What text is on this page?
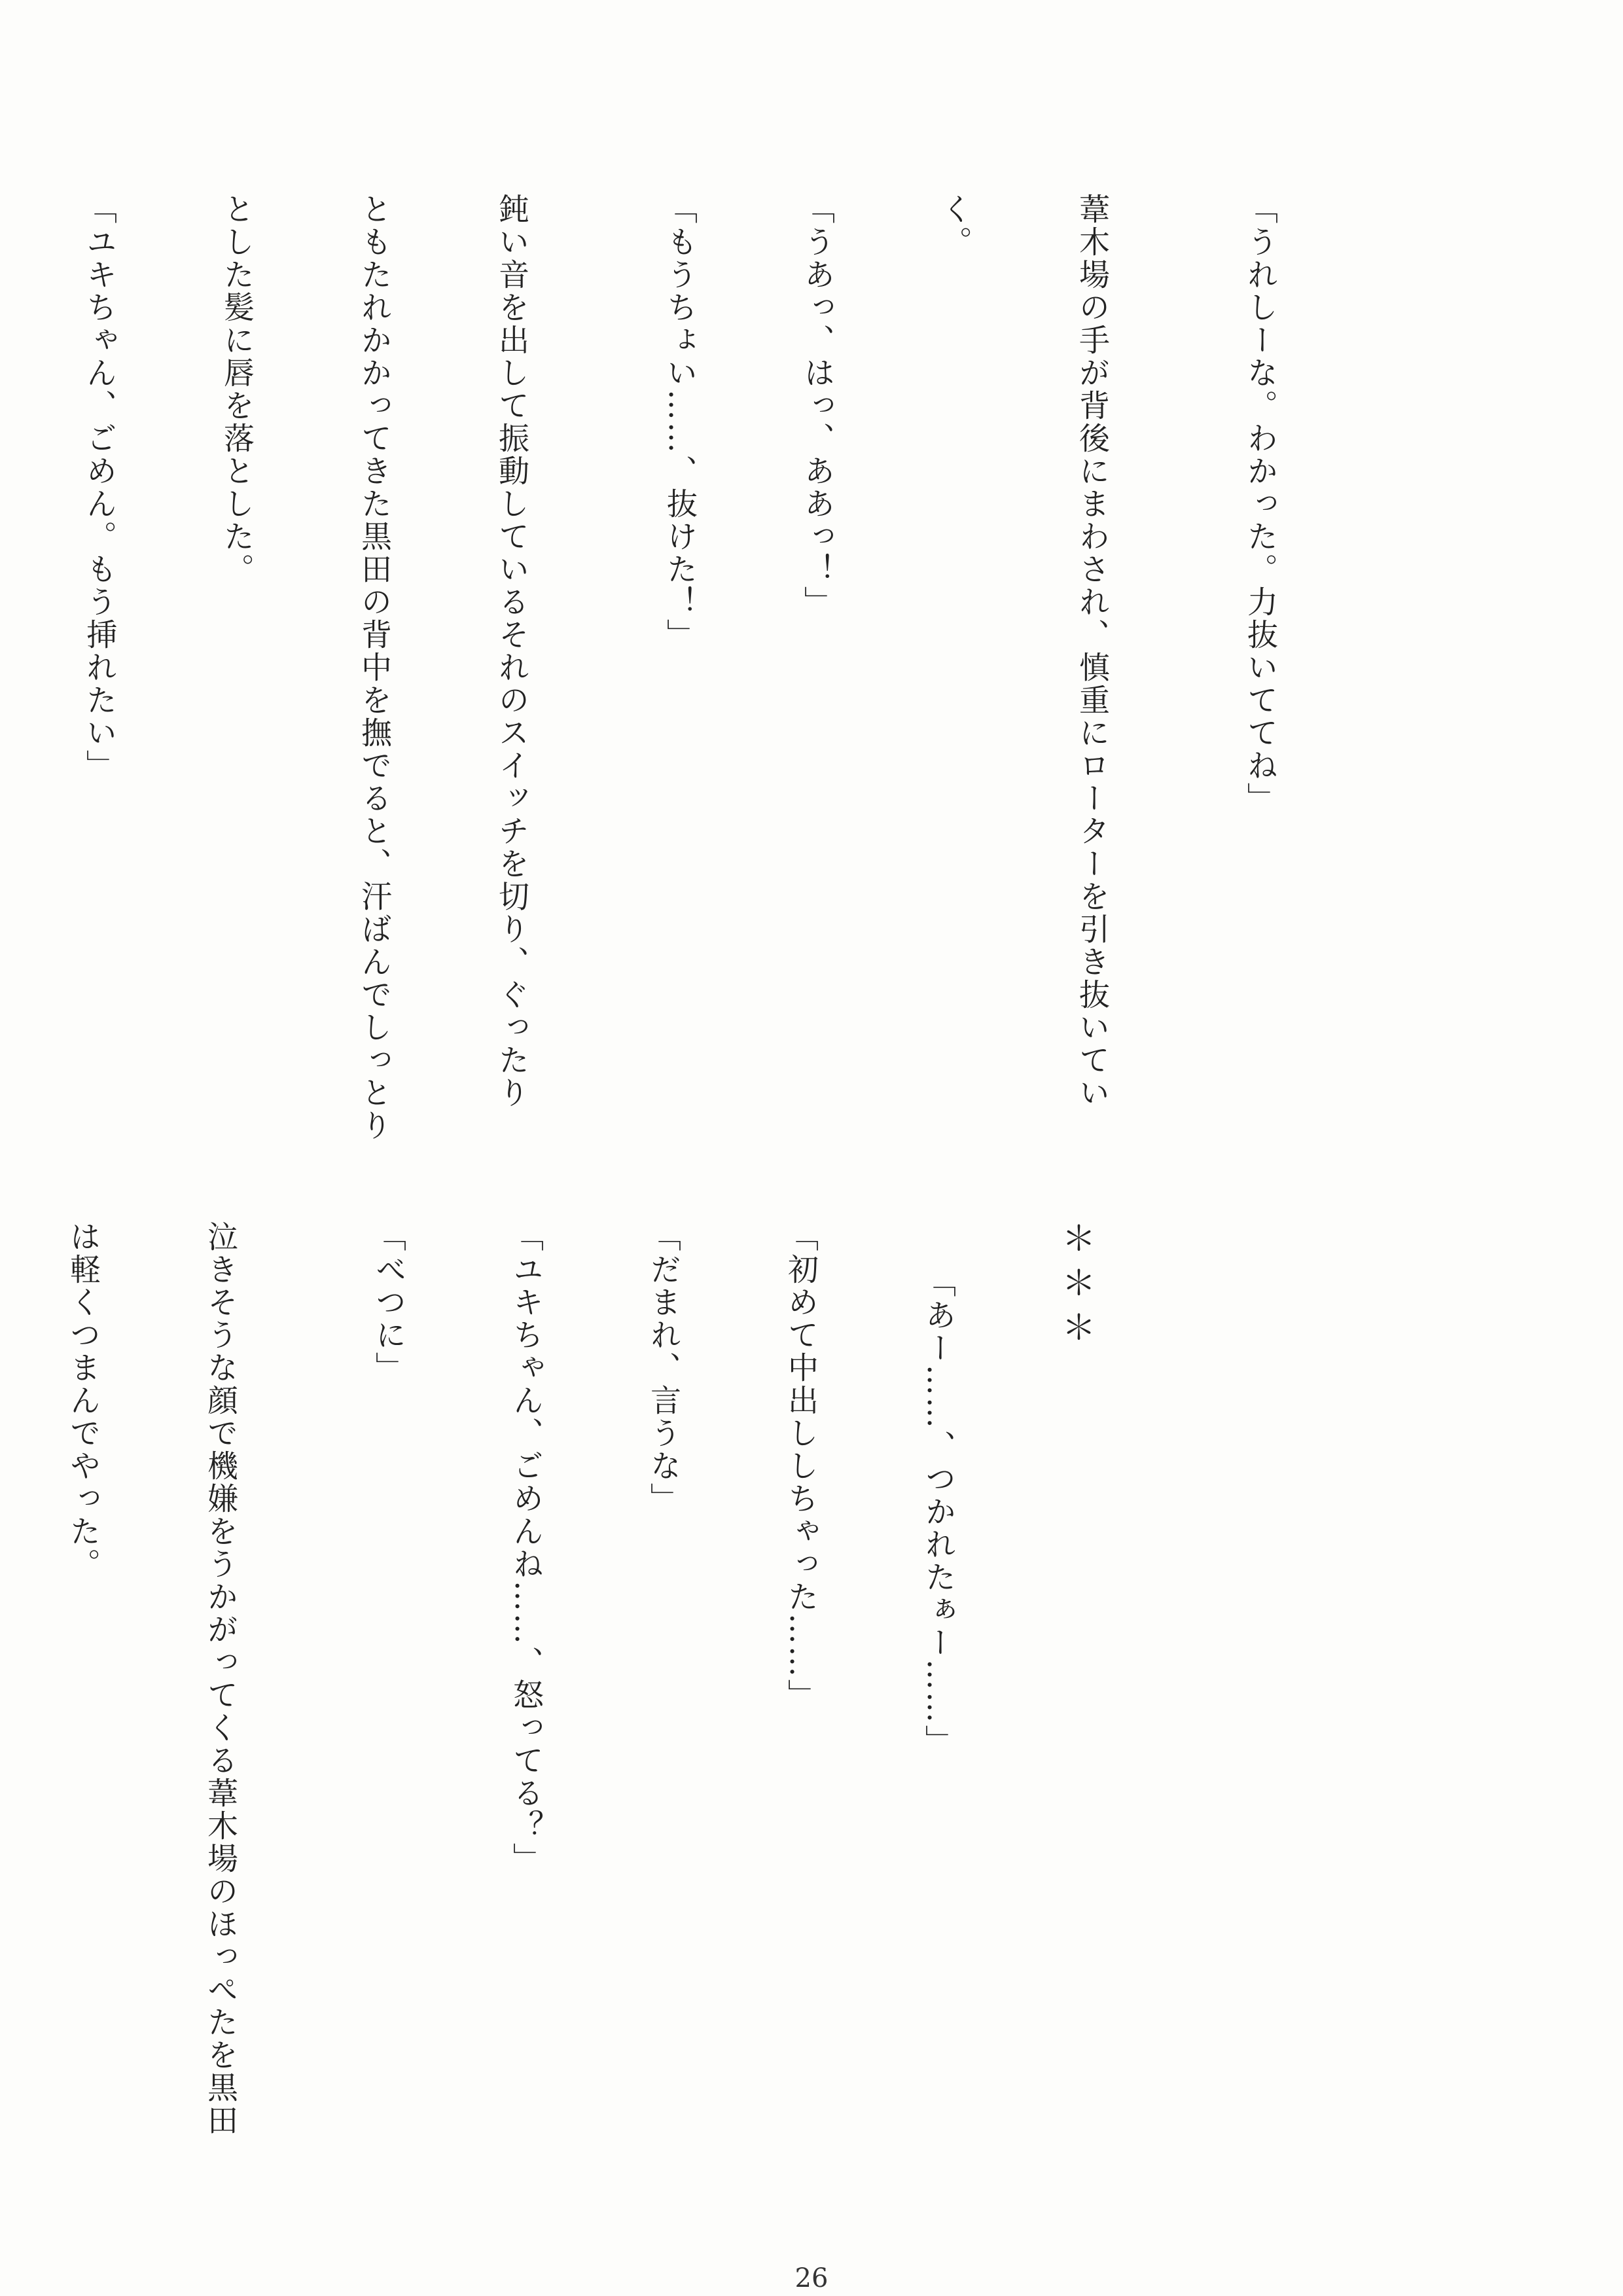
「うれしーな。わかった。力抜いててね」

葦木場の手が背後にまわされ、慎重にローターを引き抜いてい

く。

「うあっ、はっ、ああっ！」

「もうちょい……、抜けた！」

鈍い音を出して振動しているそれのスイッチを切り、ぐったり

ともたれかかってきた黒田の背中を撫でると、汗ばんでしっとり

とした髪に唇を落とした。

「ユキちゃん、ごめん。もう挿れたい」

＊＊＊

「あー……、つかれたぁー……」

「初めて中出ししちゃった……」

「だまれ、言うな」

「ユキちゃん、ごめんね……、怒ってる？」

「べつに」

泣きそうな顔で機嫌をうかがってくる葦木場のほっぺたを黒田

は軽くつまんでやった。

26
